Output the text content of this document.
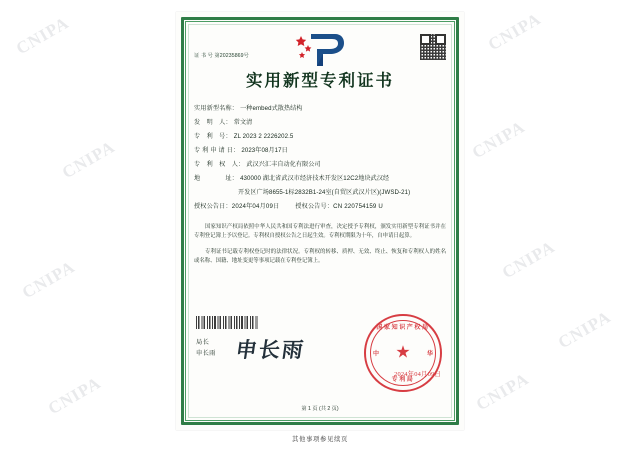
CNIPA	CNIPA
CNIPA	CNIPA
CNIPA	CNIPA
CNIPA	CNIPA
CNIPA
证 书 号 第20235869号
实用新型专利证书
实用新型名称： 一种embed式散热结构
发　明　人： 常文清
专　利　号： ZL 2023 2 2226202.5
专 利 申 请 日： 2023年08月17日
专　利　权　人： 武汉兴汇丰自动化有限公司
地　　　　址： 430000 湖北省武汉市经济技术开发区12C2地块武汉经
开发区广场8655-1标2832B1-24室(自贸区武汉片区)(JWSD-21)
授权公告日： 2024年04月09日	授权公告号： CN 220754159 U

国家知识产权局依照中华人民共和国专利法进行审查，决定授予专利权，颁发实用新型专利证书并在专利登记簿上予以登记。专利权自授权公告之日起生效。专利权期限为十年，自申请日起算。

专利证书记载专利权登记时的法律状况。专利权的转移、质押、无效、终止、恢复和专利权人的姓名或名称、国籍、地址变更等事项记载在专利登记簿上。

局长
申长雨 申长雨
国家知识产权局
中	华
★
专利局
2024年04月09日
第 1 页 (共 2 页)
其他事项参见续页
